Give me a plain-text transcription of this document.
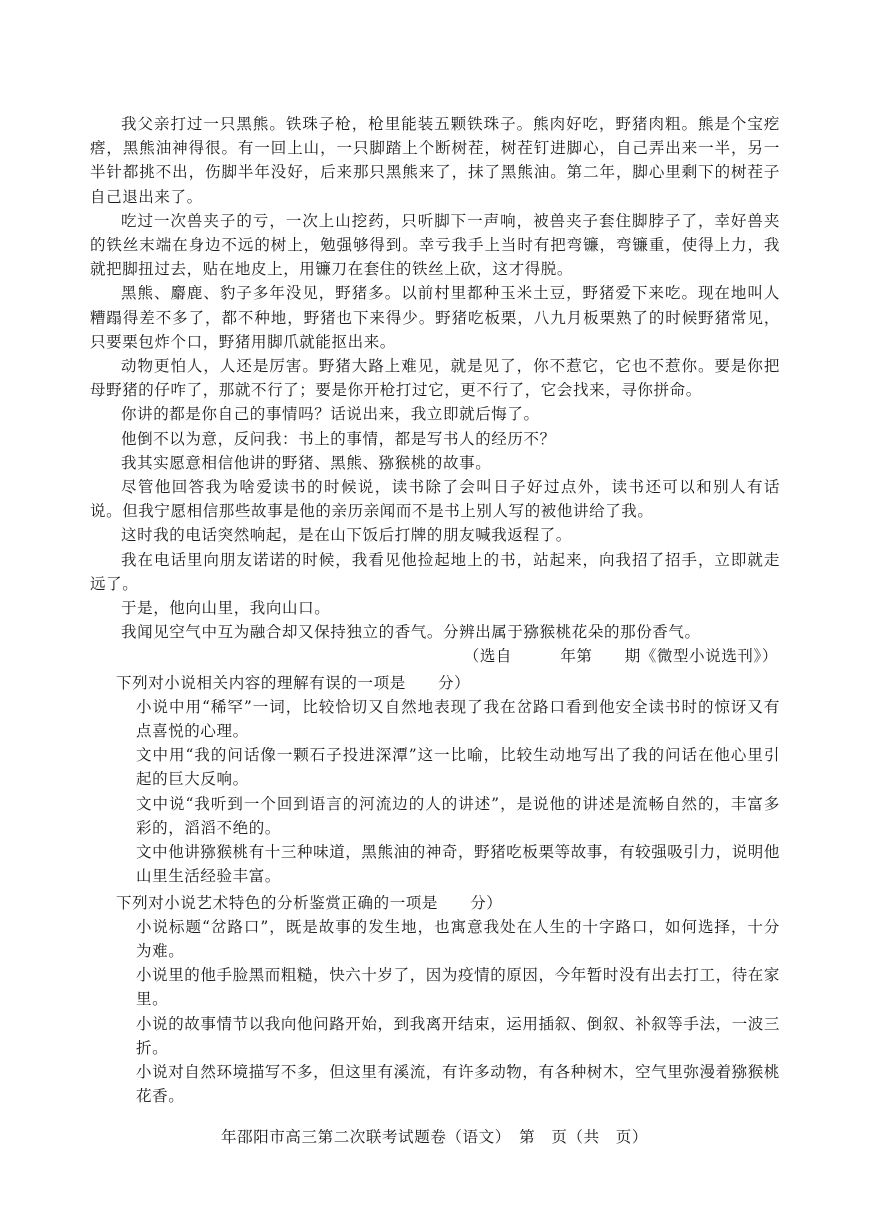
我父亲打过一只黑熊。铁珠子枪，枪里能装五颗铁珠子。熊肉好吃，野猪肉粗。熊是个宝疙瘩，黑熊油神得很。有一回上山，一只脚踏上个断树茬，树茬钉进脚心，自己弄出来一半，另一半针都挑不出，伤脚半年没好，后来那只黑熊来了，抹了黑熊油。第二年，脚心里剩下的树茬子自己退出来了。

吃过一次兽夹子的亏，一次上山挖药，只听脚下一声响，被兽夹子套住脚脖子了，幸好兽夹的铁丝末端在身边不远的树上，勉强够得到。幸亏我手上当时有把弯镰，弯镰重，使得上力，我就把脚扭过去，贴在地皮上，用镰刀在套住的铁丝上砍，这才得脱。

黑熊、麝鹿、豹子多年没见，野猪多。以前村里都种玉米土豆，野猪爱下来吃。现在地叫人糟蹋得差不多了，都不种地，野猪也下来得少。野猪吃板栗，八九月板栗熟了的时候野猪常见，只要栗包炸个口，野猪用脚爪就能抠出来。

动物更怕人，人还是厉害。野猪大路上难见，就是见了，你不惹它，它也不惹你。要是你把母野猪的仔咋了，那就不行了；要是你开枪打过它，更不行了，它会找来，寻你拼命。

你讲的都是你自己的事情吗？话说出来，我立即就后悔了。

他倒不以为意，反问我：书上的事情，都是写书人的经历不？

我其实愿意相信他讲的野猪、黑熊、猕猴桃的故事。

尽管他回答我为啥爱读书的时候说，读书除了会叫日子好过点外，读书还可以和别人有话说。但我宁愿相信那些故事是他的亲历亲闻而不是书上别人写的被他讲给了我。

这时我的电话突然响起，是在山下饭后打牌的朋友喊我返程了。

我在电话里向朋友诺诺的时候，我看见他捡起地上的书，站起来，向我招了招手，立即就走远了。

于是，他向山里，我向山口。

我闻见空气中互为融合却又保持独立的香气。分辨出属于猕猴桃花朵的那份香气。

（选自　　　年第　　期《微型小说选刊》）

下列对小说相关内容的理解有误的一项是　　分）

小说中用“稀罕”一词，比较恰切又自然地表现了我在岔路口看到他安全读书时的惊讶又有点喜悦的心理。

文中用“我的问话像一颗石子投进深潭”这一比喻，比较生动地写出了我的问话在他心里引起的巨大反响。

文中说“我听到一个回到语言的河流边的人的讲述”，是说他的讲述是流畅自然的，丰富多彩的，滔滔不绝的。

文中他讲猕猴桃有十三种味道，黑熊油的神奇，野猪吃板栗等故事，有较强吸引力，说明他山里生活经验丰富。

下列对小说艺术特色的分析鉴赏正确的一项是　　分）

小说标题“岔路口”，既是故事的发生地，也寓意我处在人生的十字路口，如何选择，十分为难。

小说里的他手脸黑而粗糙，快六十岁了，因为疫情的原因，今年暂时没有出去打工，待在家里。

小说的故事情节以我向他问路开始，到我离开结束，运用插叙、倒叙、补叙等手法，一波三折。

小说对自然环境描写不多，但这里有溪流，有许多动物，有各种树木，空气里弥漫着猕猴桃花香。

年邵阳市高三第二次联考试题卷（语文）　第　页（共　页）
